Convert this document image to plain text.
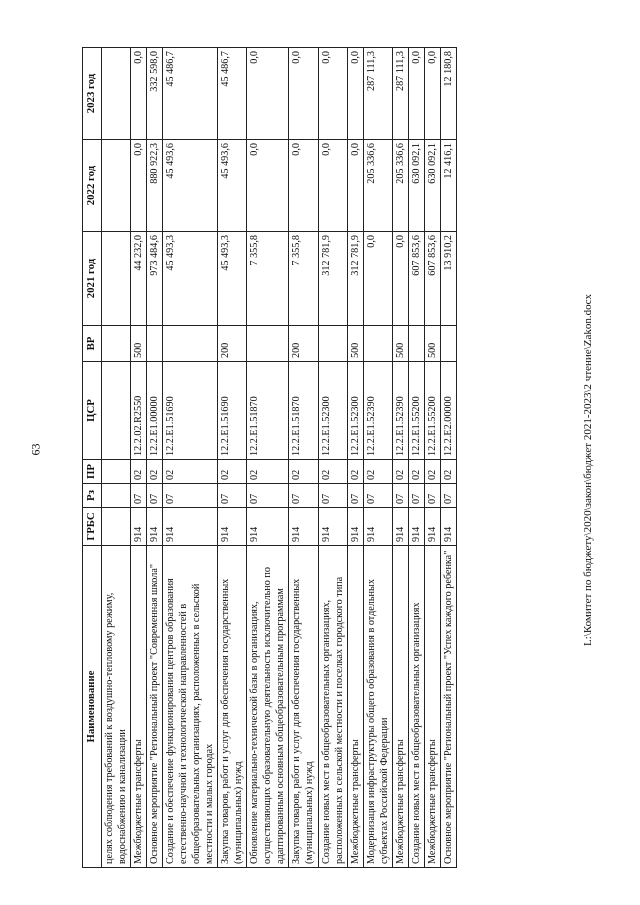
63
Наименование	ГРБС	Рз	ПР	ЦСР	ВР	2021 год	2022 год	2023 год
целях соблюдения требований к воздушно-тепловому режиму, водоснабжению и канализации								
Межбюджетные трансферты	914	07	02	12.2.02.R2550	500	44 232,0	0,0	0,0
Основное мероприятие "Региональный проект "Современная школа"	914	07	02	12.2.E1.00000		973 484,6	880 922,3	332 598,0
Создание и обеспечение функционирования центров образования естественно-научной и технологической направленностей в общеобразовательных организациях, расположенных в сельской местности и малых городах	914	07	02	12.2.E1.51690		45 493,3	45 493,6	45 486,7
Закупка товаров, работ и услуг для обеспечения государственных (муниципальных) нужд	914	07	02	12.2.E1.51690	200	45 493,3	45 493,6	45 486,7
Обновление материально-технической базы в организациях, осуществляющих образовательную деятельность исключительно по адаптированным основным общеобразовательным программам	914	07	02	12.2.E1.51870		7 355,8	0,0	0,0
Закупка товаров, работ и услуг для обеспечения государственных (муниципальных) нужд	914	07	02	12.2.E1.51870	200	7 355,8	0,0	0,0
Создание новых мест в общеобразовательных организациях, расположенных в сельской местности и поселках городского типа	914	07	02	12.2.E1.52300		312 781,9	0,0	0,0
Межбюджетные трансферты	914	07	02	12.2.E1.52300	500	312 781,9	0,0	0,0
Модернизация инфраструктуры общего образования в отдельных субъектах Российской Федерации	914	07	02	12.2.E1.52390		0,0	205 336,6	287 111,3
Межбюджетные трансферты	914	07	02	12.2.E1.52390	500	0,0	205 336,6	287 111,3
Создание новых мест в общеобразовательных организациях	914	07	02	12.2.E1.55200		607 853,6	630 092,1	0,0
Межбюджетные трансферты	914	07	02	12.2.E1.55200	500	607 853,6	630 092,1	0,0
Основное мероприятие "Региональный проект "Успех каждого ребенка"	914	07	02	12.2.E2.00000		13 910,2	12 416,1	12 180,8
L:\Комитет по бюджету\2020\закон\бюджет 2021-2023\2 чтение\Zakon.docx
